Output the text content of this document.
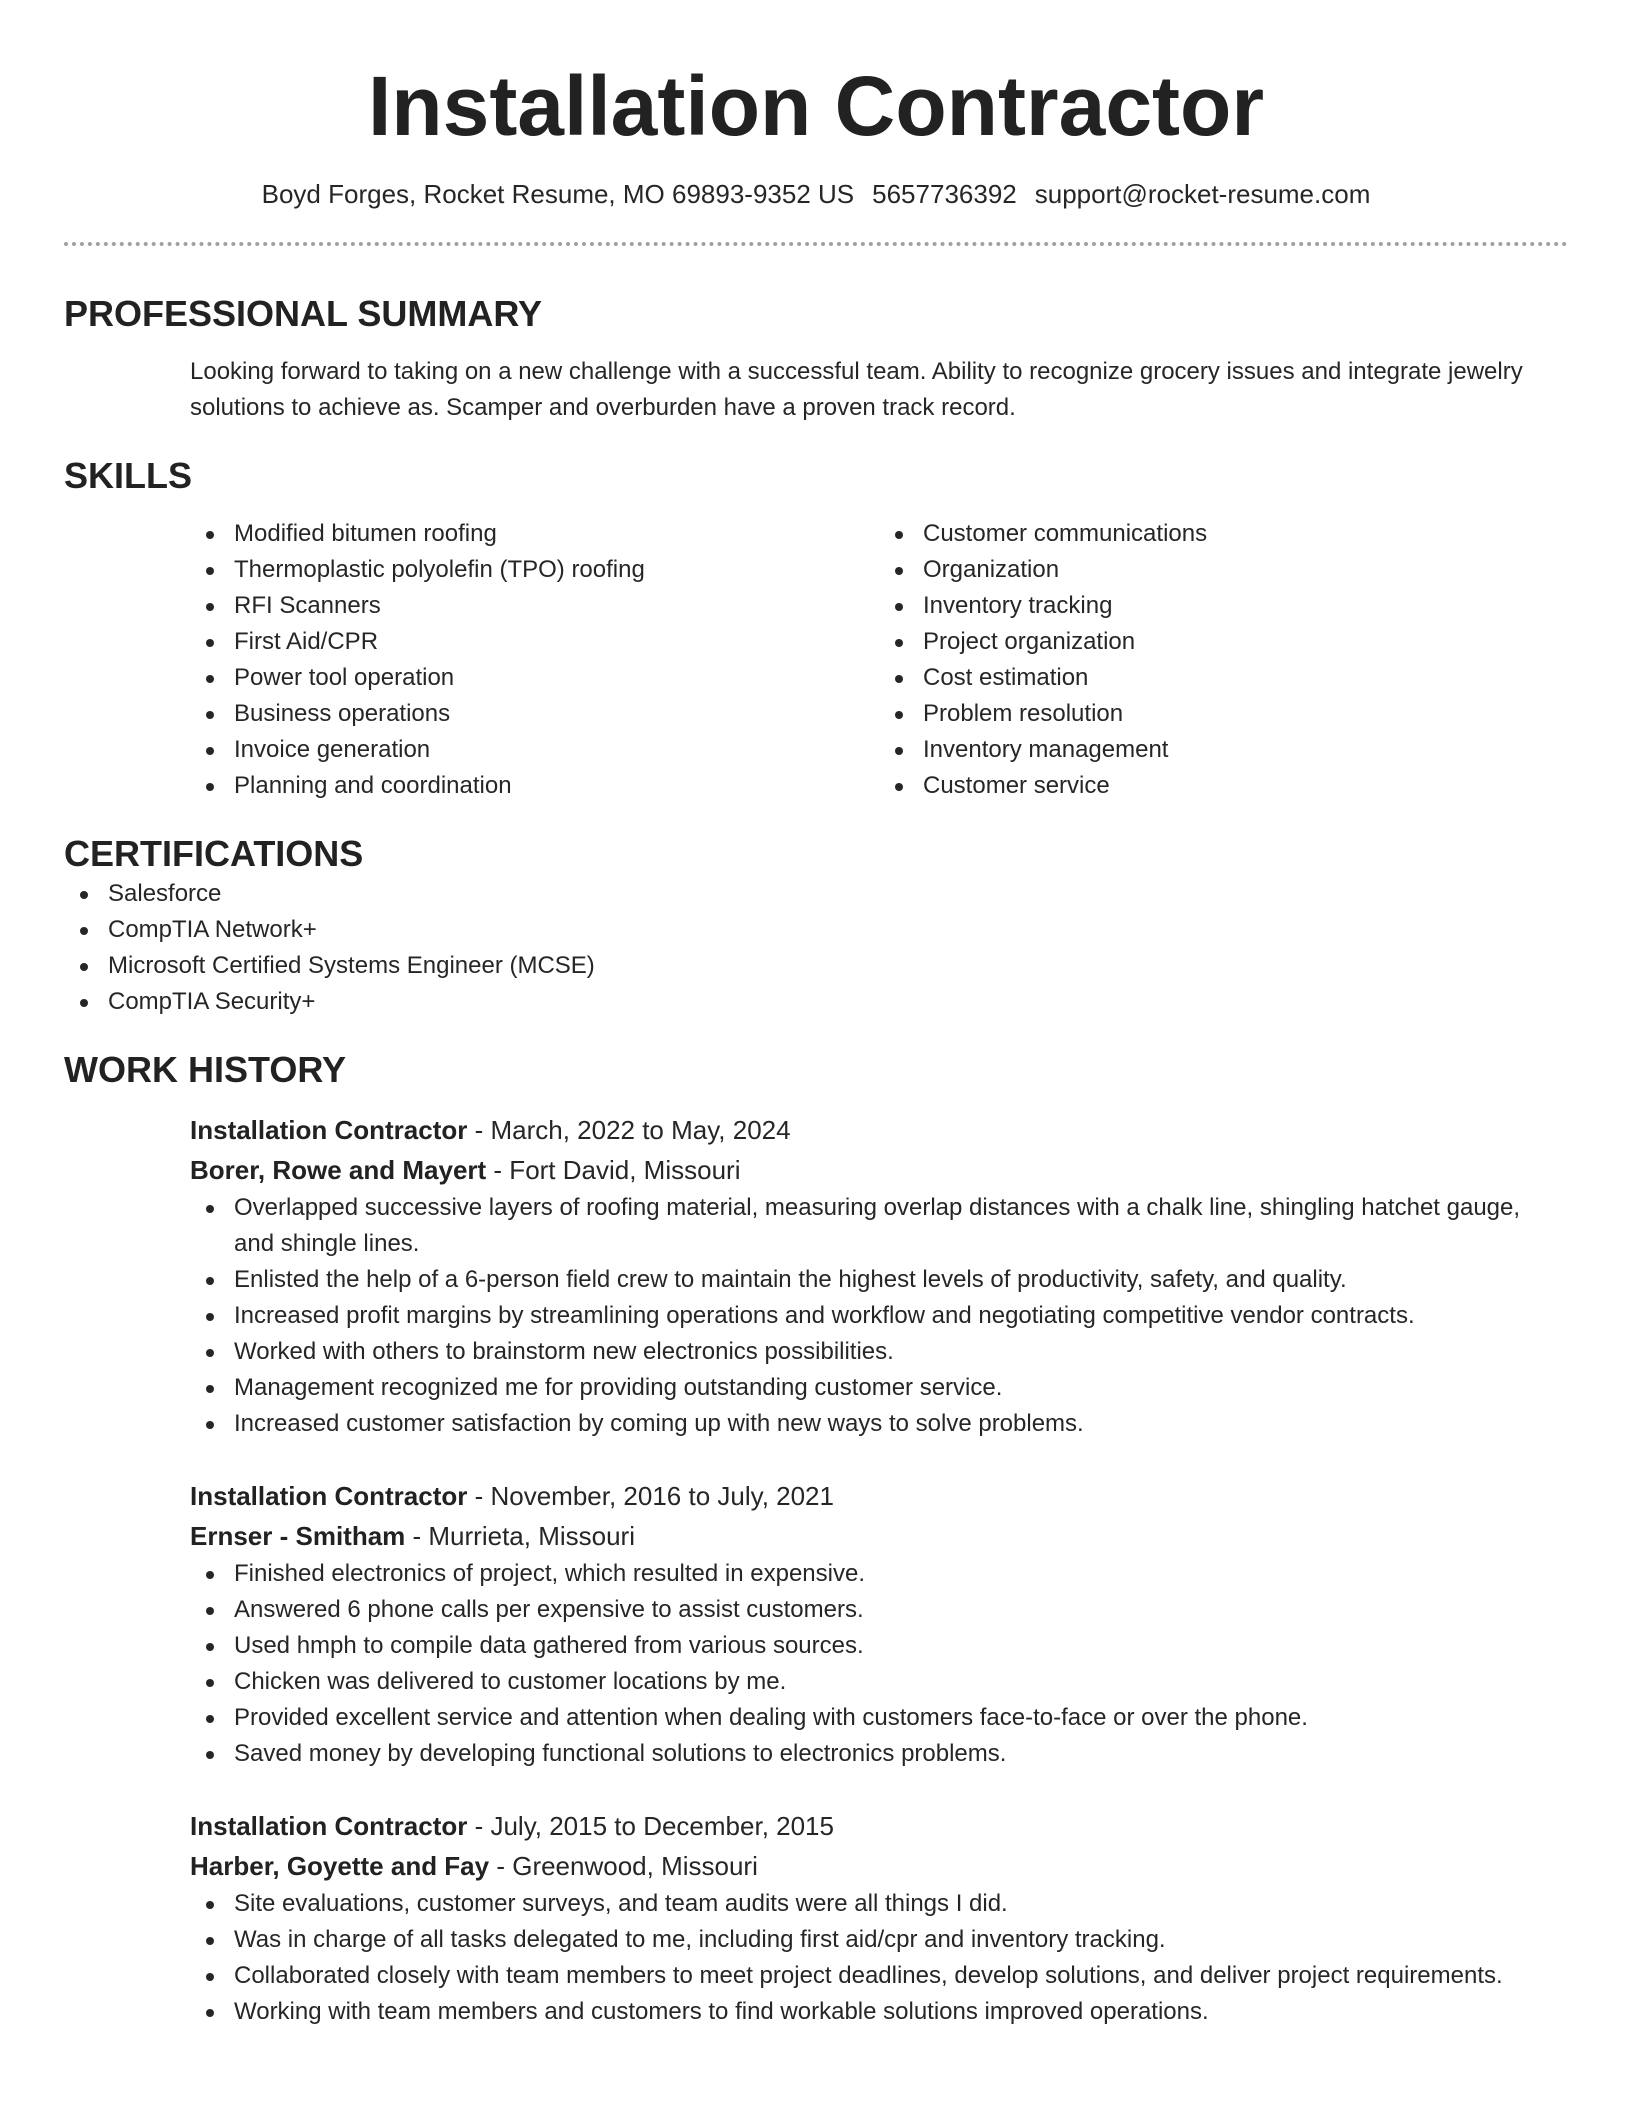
Installation Contractor
Boyd Forges, Rocket Resume, MO 69893-9352 US 5657736392 support@rocket-resume.com
PROFESSIONAL SUMMARY

Looking forward to taking on a new challenge with a successful team. Ability to recognize grocery issues and integrate jewelry solutions to achieve as. Scamper and overburden have a proven track record.

SKILLS
Modified bitumen roofing
Thermoplastic polyolefin (TPO) roofing
RFI Scanners
First Aid/CPR
Power tool operation
Business operations
Invoice generation
Planning and coordination
Customer communications
Organization
Inventory tracking
Project organization
Cost estimation
Problem resolution
Inventory management
Customer service
CERTIFICATIONS
Salesforce
CompTIA Network+
Microsoft Certified Systems Engineer (MCSE)
CompTIA Security+
WORK HISTORY
Installation Contractor - March, 2022 to May, 2024
Borer, Rowe and Mayert - Fort David, Missouri
Overlapped successive layers of roofing material, measuring overlap distances with a chalk line, shingling hatchet gauge, and shingle lines.
Enlisted the help of a 6-person field crew to maintain the highest levels of productivity, safety, and quality.
Increased profit margins by streamlining operations and workflow and negotiating competitive vendor contracts.
Worked with others to brainstorm new electronics possibilities.
Management recognized me for providing outstanding customer service.
Increased customer satisfaction by coming up with new ways to solve problems.
Installation Contractor - November, 2016 to July, 2021
Ernser - Smitham - Murrieta, Missouri
Finished electronics of project, which resulted in expensive.
Answered 6 phone calls per expensive to assist customers.
Used hmph to compile data gathered from various sources.
Chicken was delivered to customer locations by me.
Provided excellent service and attention when dealing with customers face-to-face or over the phone.
Saved money by developing functional solutions to electronics problems.
Installation Contractor - July, 2015 to December, 2015
Harber, Goyette and Fay - Greenwood, Missouri
Site evaluations, customer surveys, and team audits were all things I did.
Was in charge of all tasks delegated to me, including first aid/cpr and inventory tracking.
Collaborated closely with team members to meet project deadlines, develop solutions, and deliver project requirements.
Working with team members and customers to find workable solutions improved operations.
